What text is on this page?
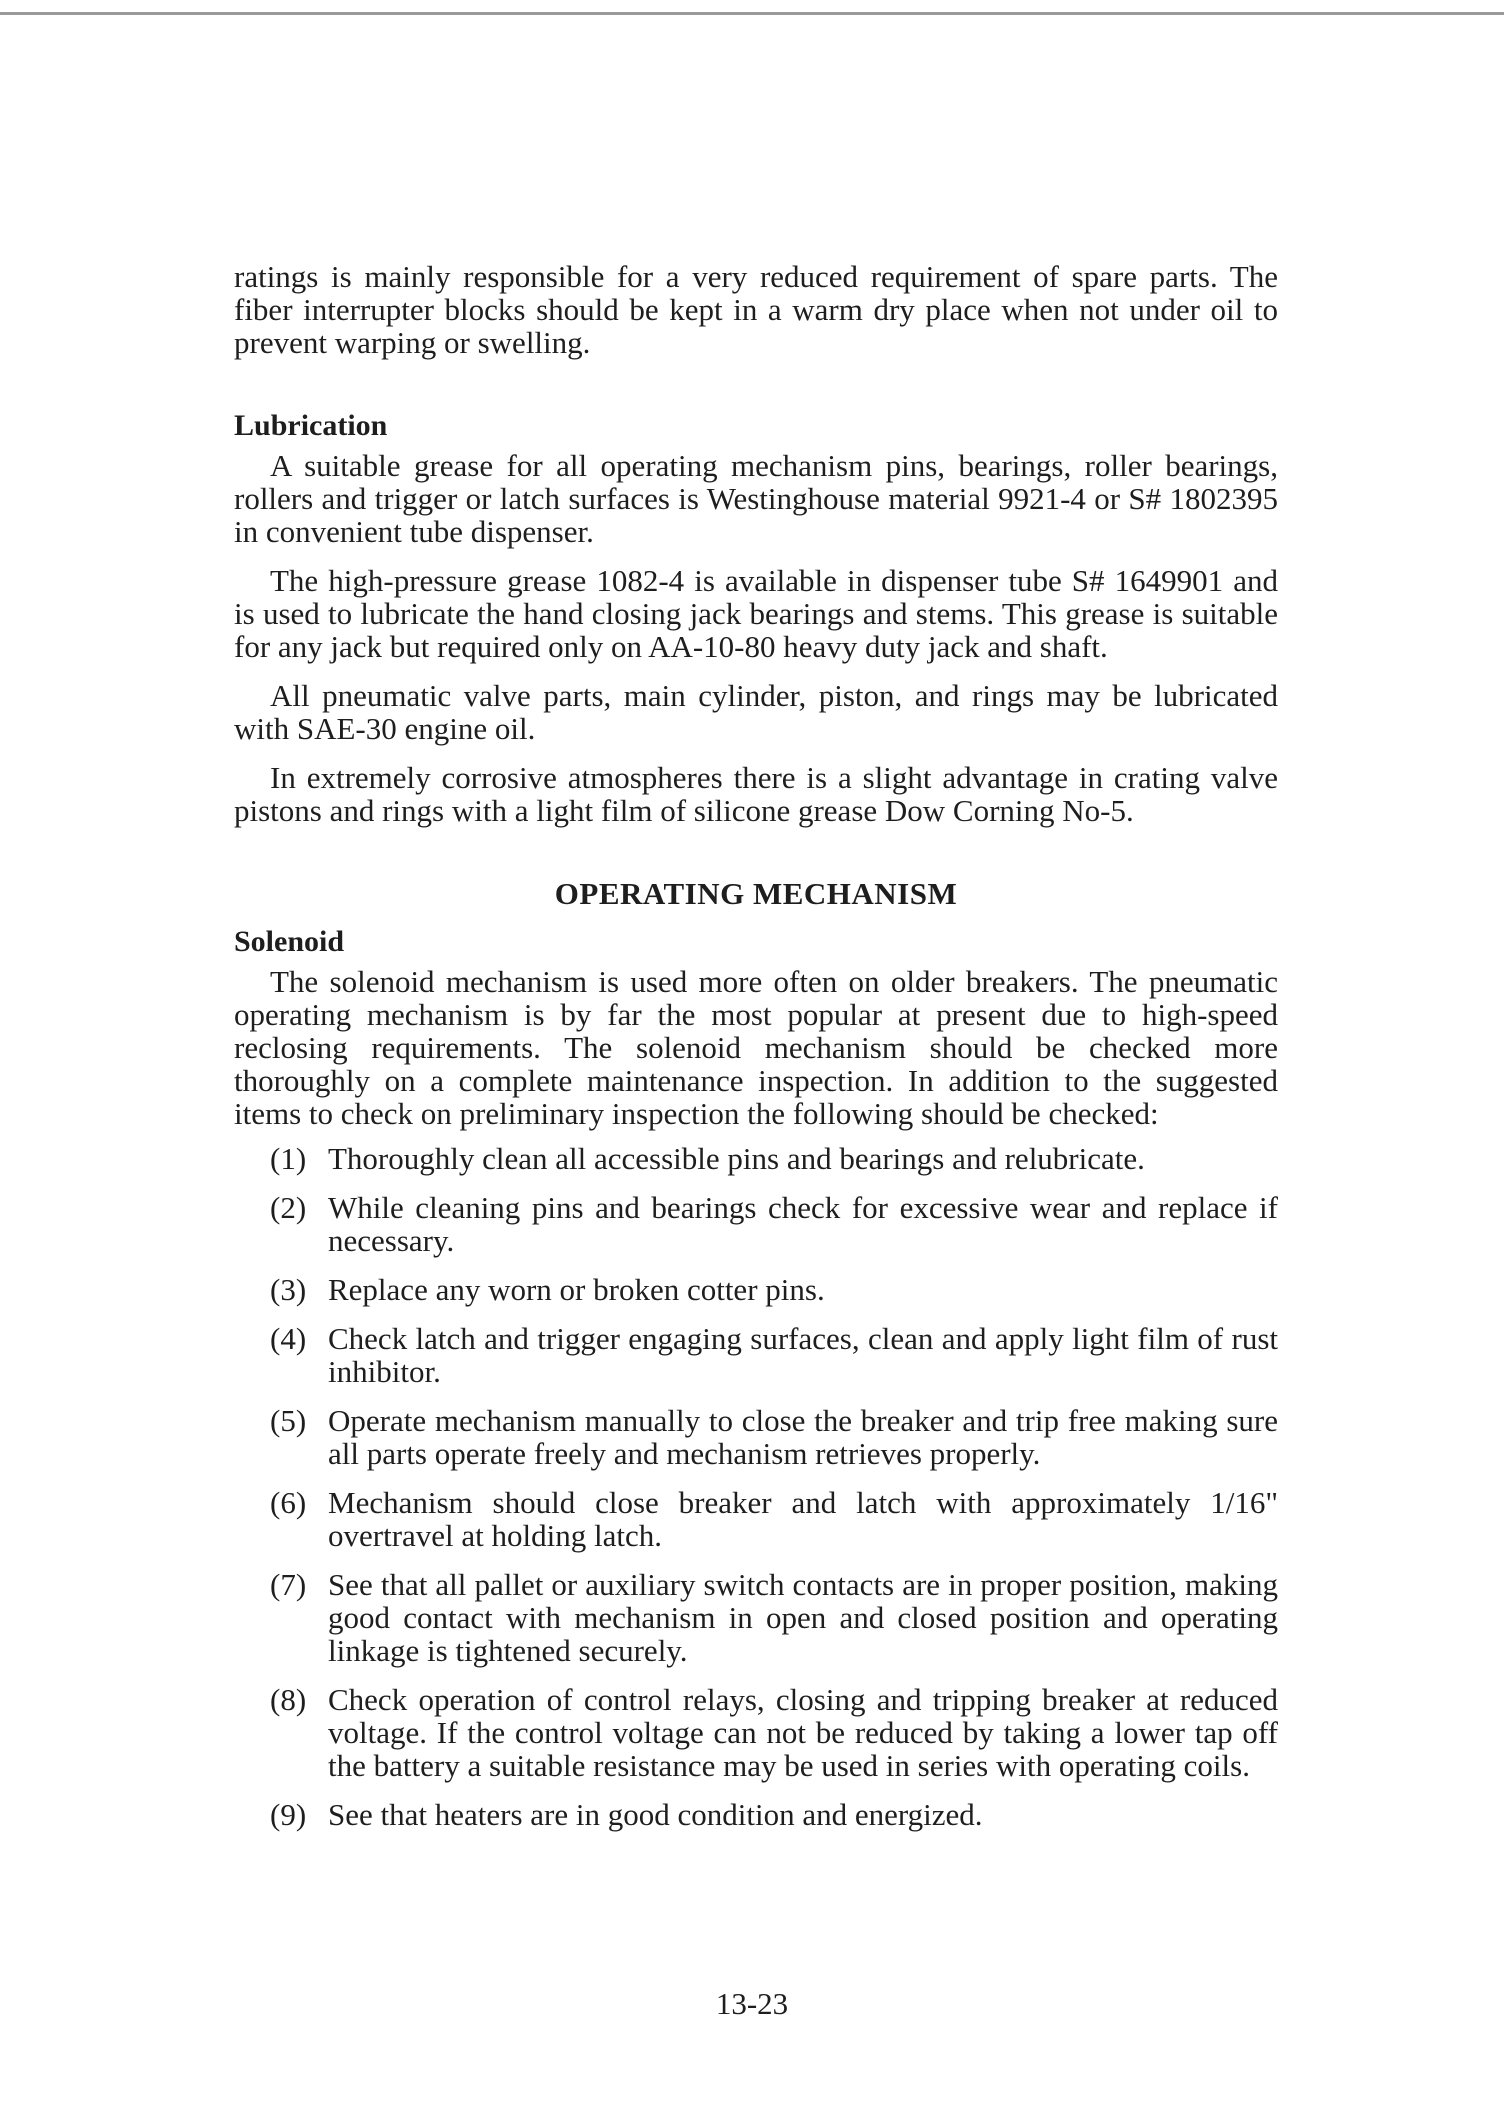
ratings is mainly responsible for a very reduced requirement of spare parts. The fiber interrupter blocks should be kept in a warm dry place when not under oil to prevent warping or swelling.

Lubrication

A suitable grease for all operating mechanism pins, bearings, roller bearings, rollers and trigger or latch surfaces is Westinghouse material 9921-4 or S# 1802395 in convenient tube dispenser.

The high-pressure grease 1082-4 is available in dispenser tube S# 1649901 and is used to lubricate the hand closing jack bearings and stems. This grease is suitable for any jack but required only on AA-10-80 heavy duty jack and shaft.

All pneumatic valve parts, main cylinder, piston, and rings may be lubricated with SAE-30 engine oil.

In extremely corrosive atmospheres there is a slight advantage in crating valve pistons and rings with a light film of silicone grease Dow Corning No-5.

OPERATING MECHANISM
Solenoid

The solenoid mechanism is used more often on older breakers. The pneumatic operating mechanism is by far the most popular at present due to high-speed reclosing requirements. The solenoid mechanism should be checked more thoroughly on a complete maintenance inspection. In addition to the suggested items to check on preliminary inspection the following should be checked:

(1) Thoroughly clean all accessible pins and bearings and relubricate.
(2) While cleaning pins and bearings check for excessive wear and replace if necessary.
(3) Replace any worn or broken cotter pins.
(4) Check latch and trigger engaging surfaces, clean and apply light film of rust inhibitor.
(5) Operate mechanism manually to close the breaker and trip free making sure all parts operate freely and mechanism retrieves properly.
(6) Mechanism should close breaker and latch with approximately 1/16" overtravel at holding latch.
(7) See that all pallet or auxiliary switch contacts are in proper position, making good contact with mechanism in open and closed position and operating linkage is tightened securely.
(8) Check operation of control relays, closing and tripping breaker at reduced voltage. If the control voltage can not be reduced by taking a lower tap off the battery a suitable resistance may be used in series with operating coils.
(9) See that heaters are in good condition and energized.
13-23
